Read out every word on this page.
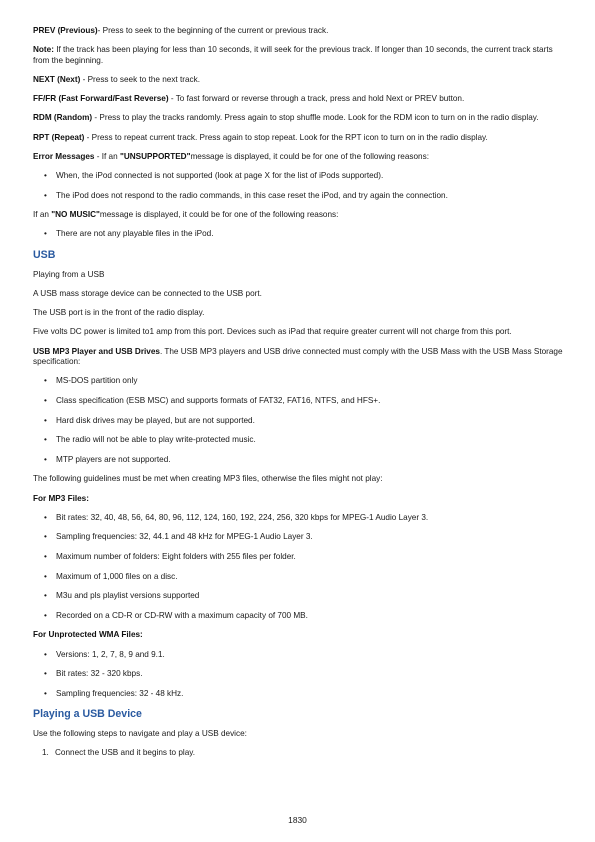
PREV (Previous)- Press to seek to the beginning of the current or previous track.

Note: If the track has been playing for less than 10 seconds, it will seek for the previous track. If longer than 10 seconds, the current track starts from the beginning.

NEXT (Next) - Press to seek to the next track.

FF/FR (Fast Forward/Fast Reverse) - To fast forward or reverse through a track, press and hold Next or PREV button.

RDM (Random) - Press to play the tracks randomly. Press again to stop shuffle mode. Look for the RDM icon to turn on in the radio display.

RPT (Repeat) - Press to repeat current track. Press again to stop repeat. Look for the RPT icon to turn on in the radio display.

Error Messages - If an "UNSUPPORTED"message is displayed, it could be for one of the following reasons:

• When, the iPod connected is not supported (look at page X for the list of iPods supported).
• The iPod does not respond to the radio commands, in this case reset the iPod, and try again the connection.

If an "NO MUSIC"message is displayed, it could be for one of the following reasons:

• There are not any playable files in the iPod.
USB

Playing from a USB

A USB mass storage device can be connected to the USB port.

The USB port is in the front of the radio display.

Five volts DC power is limited to1 amp from this port. Devices such as iPad that require greater current will not charge from this port.

USB MP3 Player and USB Drives. The USB MP3 players and USB drive connected must comply with the USB Mass with the USB Mass Storage specification:

• MS-DOS partition only
• Class specification (ESB MSC) and supports formats of FAT32, FAT16, NTFS, and HFS+.
• Hard disk drives may be played, but are not supported.
• The radio will not be able to play write-protected music.
• MTP players are not supported.

The following guidelines must be met when creating MP3 files, otherwise the files might not play:

For MP3 Files:

• Bit rates: 32, 40, 48, 56, 64, 80, 96, 112, 124, 160, 192, 224, 256, 320 kbps for MPEG-1 Audio Layer 3.
• Sampling frequencies: 32, 44.1 and 48 kHz for MPEG-1 Audio Layer 3.
• Maximum number of folders: Eight folders with 255 files per folder.
• Maximum of 1,000 files on a disc.
• M3u and pls playlist versions supported
• Recorded on a CD-R or CD-RW with a maximum capacity of 700 MB.

For Unprotected WMA Files:

• Versions: 1, 2, 7, 8, 9 and 9.1.
• Bit rates: 32 - 320 kbps.
• Sampling frequencies: 32 - 48 kHz.
Playing a USB Device

Use the following steps to navigate and play a USB device:

1. Connect the USB and it begins to play.
1830
